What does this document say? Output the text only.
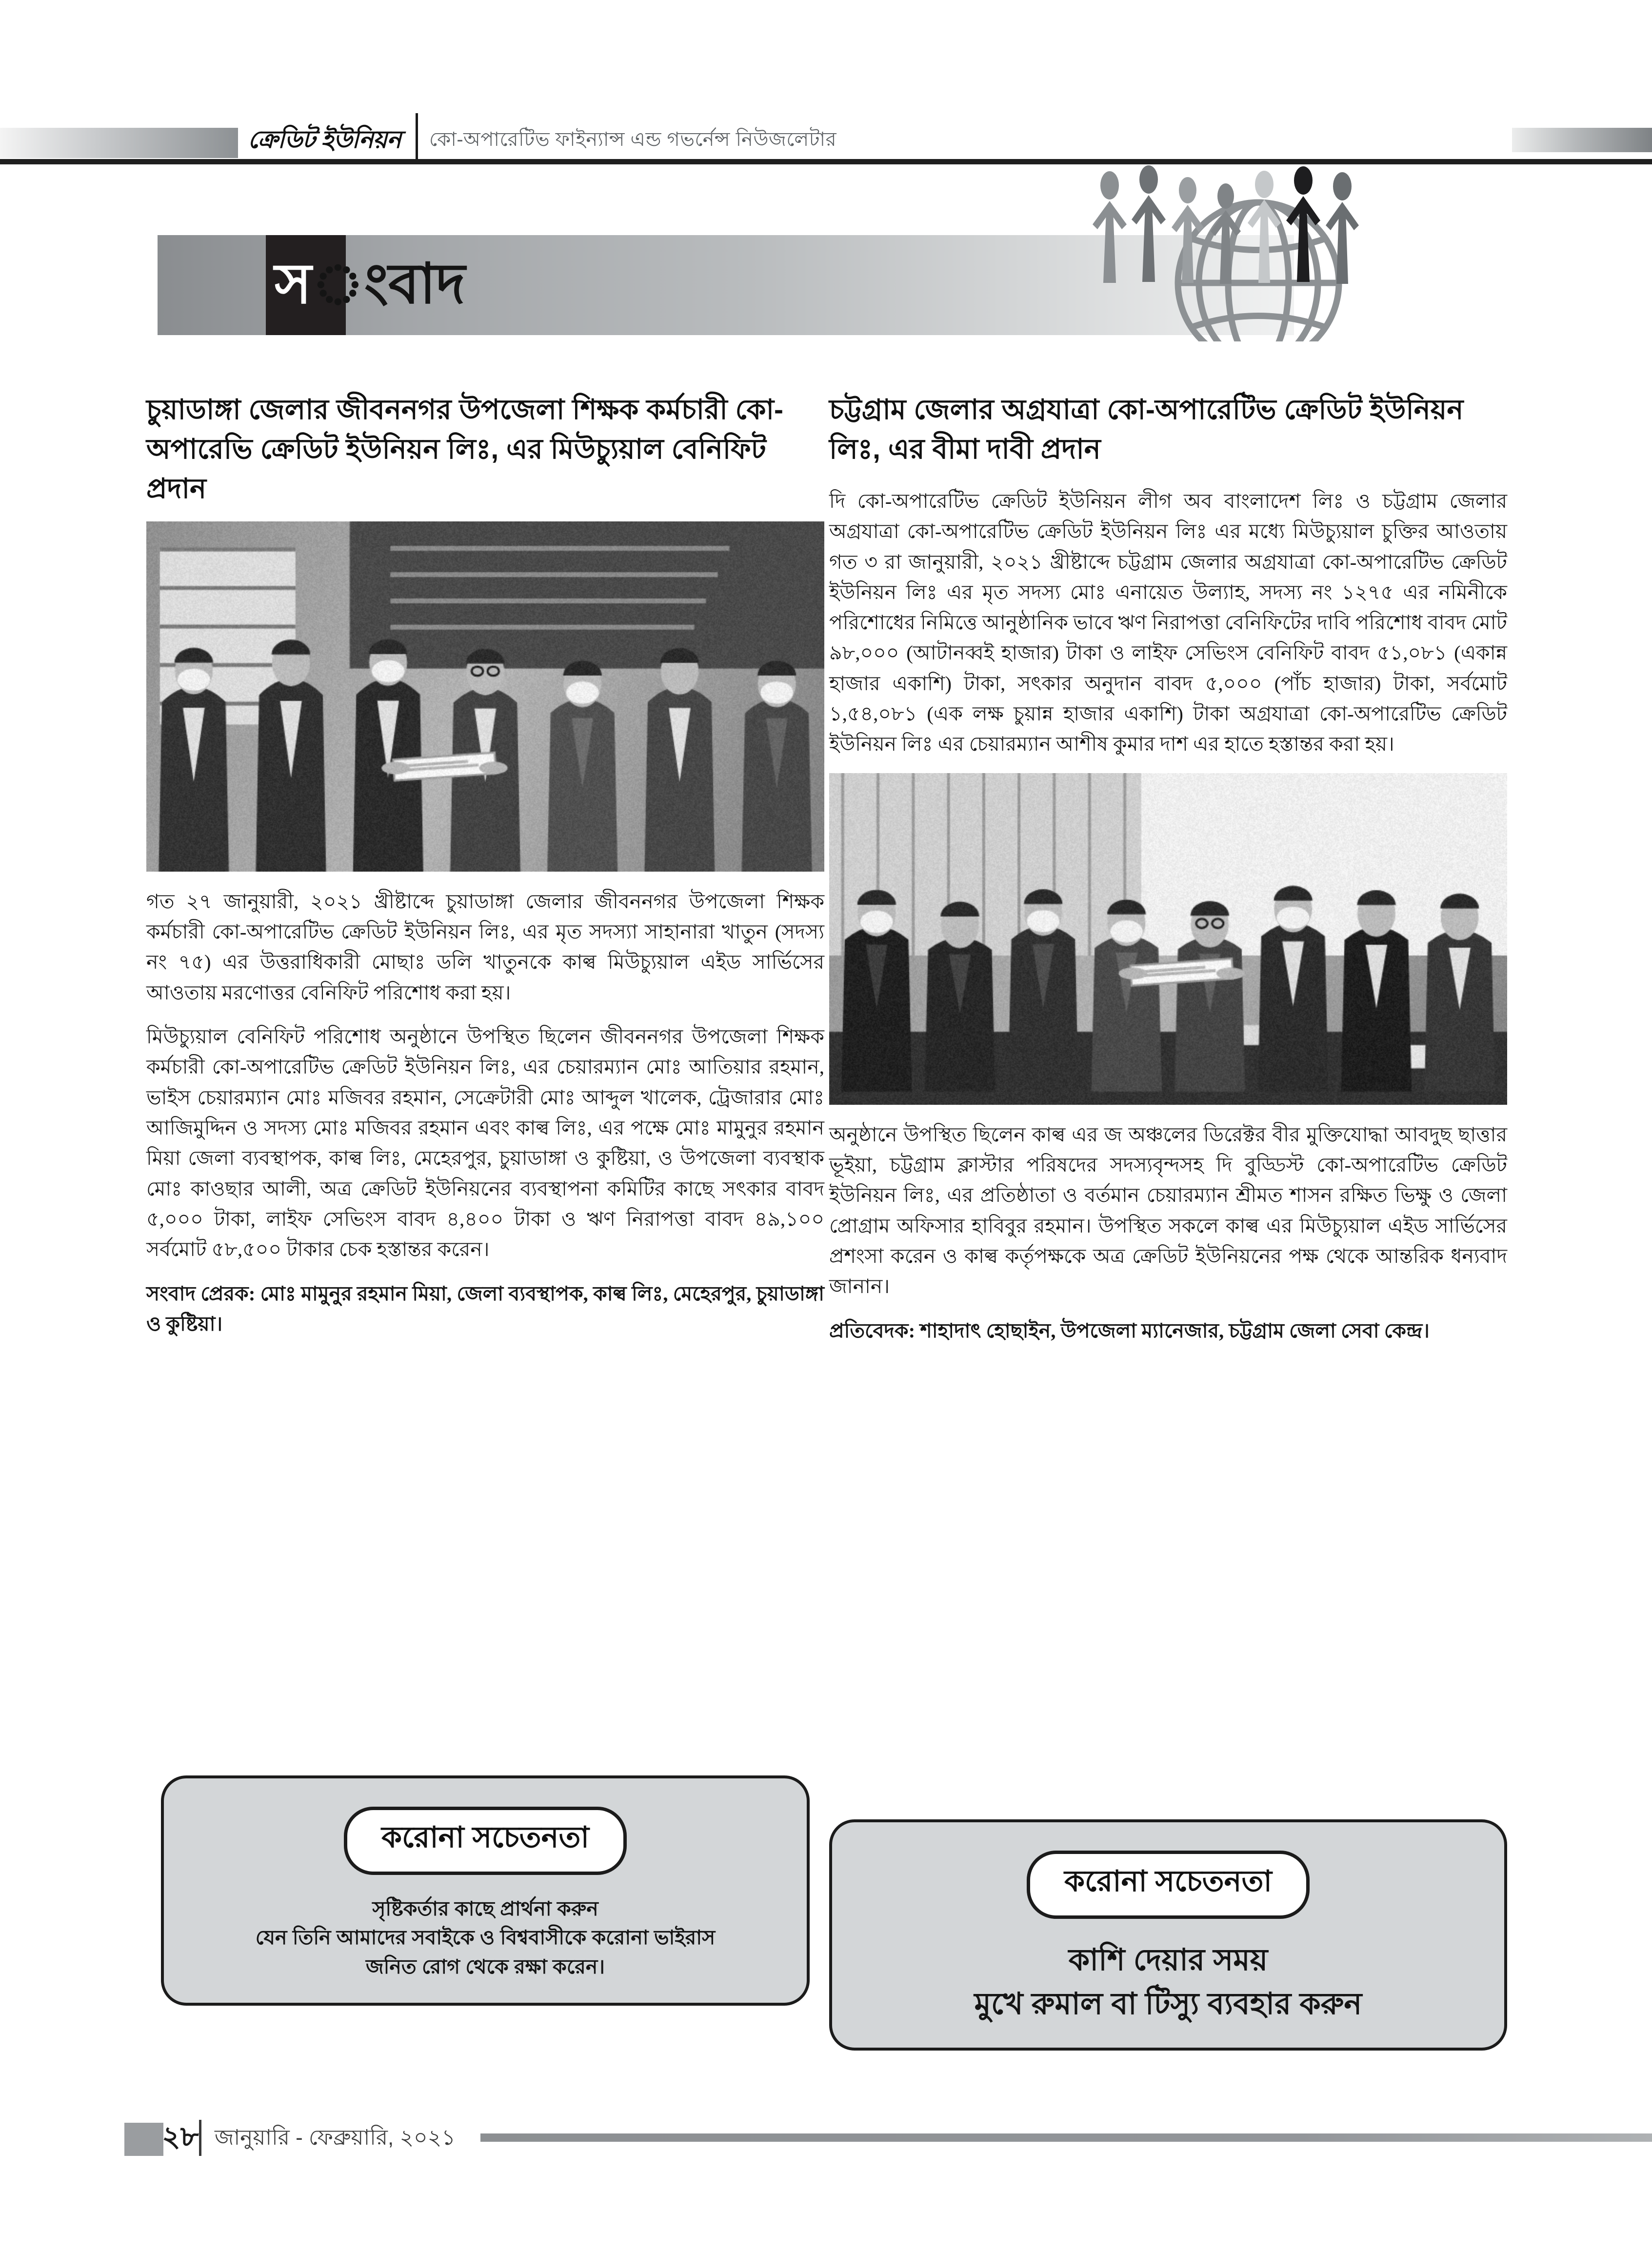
ক্রেডিট ইউনিয়ন কো-অপারেটিভ ফাইন্যান্স এন্ড গভর্নেন্স নিউজলেটার
স ংবাদ
চুয়াডাঙ্গা জেলার জীবননগর উপজেলা শিক্ষক কর্মচারী কো-অপারেভি ক্রেডিট ইউনিয়ন লিঃ, এর মিউচ্যুয়াল বেনিফিট প্রদান

গত ২৭ জানুয়ারী, ২০২১ খ্রীষ্টাব্দে চুয়াডাঙ্গা জেলার জীবননগর উপজেলা শিক্ষক কর্মচারী কো-অপারেটিভ ক্রেডিট ইউনিয়ন লিঃ, এর মৃত সদস্যা সাহানারা খাতুন (সদস্য নং ৭৫) এর উত্তরাধিকারী মোছাঃ ডলি খাতুনকে কাল্ব মিউচ্যুয়াল এইড সার্ভিসের আওতায় মরণোত্তর বেনিফিট পরিশোধ করা হয়।

মিউচ্যুয়াল বেনিফিট পরিশোধ অনুষ্ঠানে উপস্থিত ছিলেন জীবননগর উপজেলা শিক্ষক কর্মচারী কো-অপারেটিভ ক্রেডিট ইউনিয়ন লিঃ, এর চেয়ারম্যান মোঃ আতিয়ার রহমান, ভাইস চেয়ারম্যান মোঃ মজিবর রহমান, সেক্রেটারী মোঃ আব্দুল খালেক, ট্রেজারার মোঃ আজিমুদ্দিন ও সদস্য মোঃ মজিবর রহমান এবং কাল্ব লিঃ, এর পক্ষে মোঃ মামুনুর রহমান মিয়া জেলা ব্যবস্থাপক, কাল্ব লিঃ, মেহেরপুর, চুয়াডাঙ্গা ও কুষ্টিয়া, ও উপজেলা ব্যবস্থাক মোঃ কাওছার আলী, অত্র ক্রেডিট ইউনিয়নের ব্যবস্থাপনা কমিটির কাছে সৎকার বাবদ ৫,০০০ টাকা, লাইফ সেভিংস বাবদ ৪,৪০০ টাকা ও ঋণ নিরাপত্তা বাবদ ৪৯,১০০ সর্বমোট ৫৮,৫০০ টাকার চেক হস্তান্তর করেন।

সংবাদ প্রেরক: মোঃ মামুনুর রহমান মিয়া, জেলা ব্যবস্থাপক, কাল্ব লিঃ, মেহেরপুর, চুয়াডাঙ্গা ও কুষ্টিয়া।

চট্টগ্রাম জেলার অগ্রযাত্রা কো-অপারেটিভ ক্রেডিট ইউনিয়ন লিঃ, এর বীমা দাবী প্রদান

দি কো-অপারেটিভ ক্রেডিট ইউনিয়ন লীগ অব বাংলাদেশ লিঃ ও চট্টগ্রাম জেলার অগ্রযাত্রা কো-অপারেটিভ ক্রেডিট ইউনিয়ন লিঃ এর মধ্যে মিউচ্যুয়াল চুক্তির আওতায় গত ৩ রা জানুয়ারী, ২০২১ খ্রীষ্টাব্দে চট্টগ্রাম জেলার অগ্রযাত্রা কো-অপারেটিভ ক্রেডিট ইউনিয়ন লিঃ এর মৃত সদস্য মোঃ এনায়েত উল্যাহ, সদস্য নং ১২৭৫ এর নমিনীকে পরিশোধের নিমিত্তে আনুষ্ঠানিক ভাবে ঋণ নিরাপত্তা বেনিফিটের দাবি পরিশোধ বাবদ মোট ৯৮,০০০ (আটানব্বই হাজার) টাকা ও লাইফ সেভিংস বেনিফিট বাবদ ৫১,০৮১ (একান্ন হাজার একাশি) টাকা, সৎকার অনুদান বাবদ ৫,০০০ (পাঁচ হাজার) টাকা, সর্বমোট ১,৫৪,০৮১ (এক লক্ষ চুয়ান্ন হাজার একাশি) টাকা অগ্রযাত্রা কো-অপারেটিভ ক্রেডিট ইউনিয়ন লিঃ এর চেয়ারম্যান আশীষ কুমার দাশ এর হাতে হস্তান্তর করা হয়।

অনুষ্ঠানে উপস্থিত ছিলেন কাল্ব এর জ অঞ্চলের ডিরেক্টর বীর মুক্তিযোদ্ধা আবদুছ ছাত্তার ভূইয়া, চট্টগ্রাম ক্লাস্টার পরিষদের সদস্যবৃন্দসহ দি বুড্ডিস্ট কো-অপারেটিভ ক্রেডিট ইউনিয়ন লিঃ, এর প্রতিষ্ঠাতা ও বর্তমান চেয়ারম্যান শ্রীমত শাসন রক্ষিত ভিক্ষু ও জেলা প্রোগ্রাম অফিসার হাবিবুর রহমান। উপস্থিত সকলে কাল্ব এর মিউচ্যুয়াল এইড সার্ভিসের প্রশংসা করেন ও কাল্ব কর্তৃপক্ষকে অত্র ক্রেডিট ইউনিয়নের পক্ষ থেকে আন্তরিক ধন্যবাদ জানান।

প্রতিবেদক: শাহাদাৎ হোছাইন, উপজেলা ম্যানেজার, চট্টগ্রাম জেলা সেবা কেন্দ্র।

করোনা সচেতনতা
সৃষ্টিকর্তার কাছে প্রার্থনা করুন
যেন তিনি আমাদের সবাইকে ও বিশ্ববাসীকে করোনা ভাইরাস
জনিত রোগ থেকে রক্ষা করেন।
করোনা সচেতনতা
কাশি দেয়ার সময়
মুখে রুমাল বা টিস্যু ব্যবহার করুন
২৮ জানুয়ারি - ফেব্রুয়ারি, ২০২১
